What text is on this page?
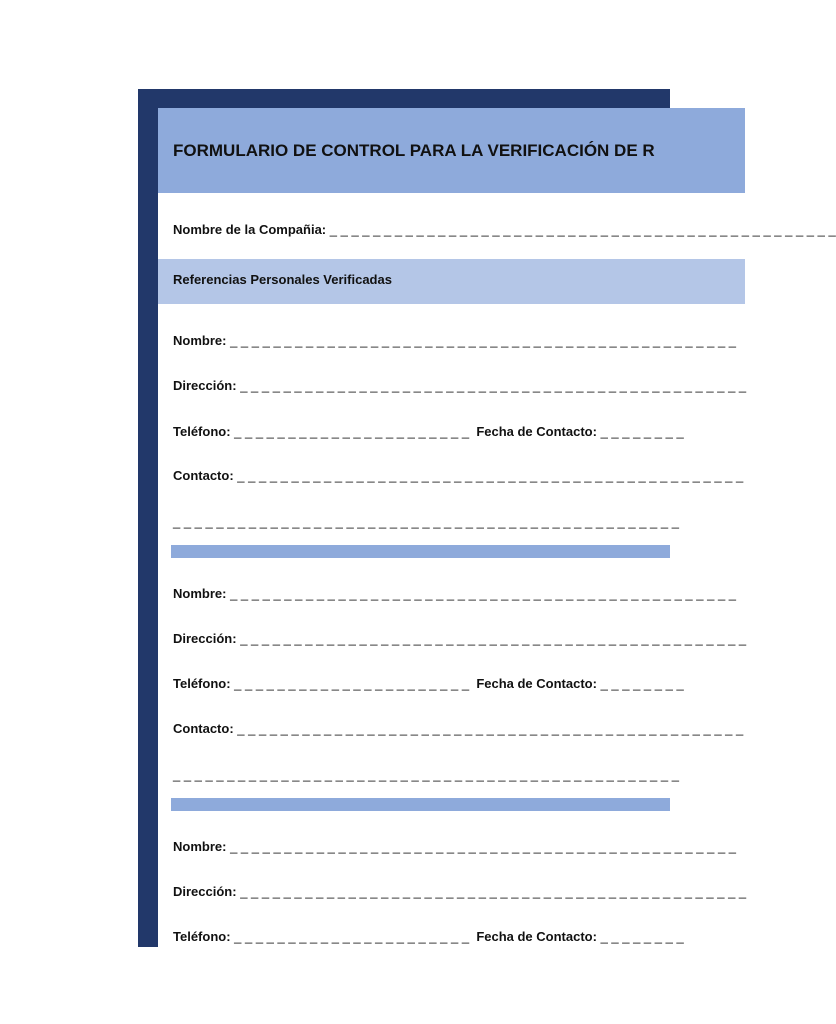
FORMULARIO DE CONTROL PARA LA VERIFICACIÓN DE R
Nombre de la Compañia: _ _ _ _ _ _ _ _ _ _ _ _ _ _ _ _ _ _ _ _ _ _ _ _ _ _ _ _ _ _ _ _ _ _ _ _ _ _ _ _ _ _ _ _ _ _ _
Referencias Personales Verificadas
Nombre: _ _ _ _ _ _ _ _ _ _ _ _ _ _ _ _ _ _ _ _ _ _ _ _ _ _ _ _ _ _ _ _ _ _ _ _ _ _ _ _ _ _ _ _ _ _ _
Dirección: _ _ _ _ _ _ _ _ _ _ _ _ _ _ _ _ _ _ _ _ _ _ _ _ _ _ _ _ _ _ _ _ _ _ _ _ _ _ _ _ _ _ _ _ _ _ _
Teléfono: _ _ _ _ _ _ _ _ _ _ _ _ _ _ _ _ _ _ _ _ _ _ Fecha de Contacto: _ _ _ _ _ _ _ _
Contacto: _ _ _ _ _ _ _ _ _ _ _ _ _ _ _ _ _ _ _ _ _ _ _ _ _ _ _ _ _ _ _ _ _ _ _ _ _ _ _ _ _ _ _ _ _ _ _
_ _ _ _ _ _ _ _ _ _ _ _ _ _ _ _ _ _ _ _ _ _ _ _ _ _ _ _ _ _ _ _ _ _ _ _ _ _ _ _ _ _ _ _ _ _ _
Nombre: _ _ _ _ _ _ _ _ _ _ _ _ _ _ _ _ _ _ _ _ _ _ _ _ _ _ _ _ _ _ _ _ _ _ _ _ _ _ _ _ _ _ _ _ _ _ _
Dirección: _ _ _ _ _ _ _ _ _ _ _ _ _ _ _ _ _ _ _ _ _ _ _ _ _ _ _ _ _ _ _ _ _ _ _ _ _ _ _ _ _ _ _ _ _ _ _
Teléfono: _ _ _ _ _ _ _ _ _ _ _ _ _ _ _ _ _ _ _ _ _ _ Fecha de Contacto: _ _ _ _ _ _ _ _
Contacto: _ _ _ _ _ _ _ _ _ _ _ _ _ _ _ _ _ _ _ _ _ _ _ _ _ _ _ _ _ _ _ _ _ _ _ _ _ _ _ _ _ _ _ _ _ _ _
_ _ _ _ _ _ _ _ _ _ _ _ _ _ _ _ _ _ _ _ _ _ _ _ _ _ _ _ _ _ _ _ _ _ _ _ _ _ _ _ _ _ _ _ _ _ _
Nombre: _ _ _ _ _ _ _ _ _ _ _ _ _ _ _ _ _ _ _ _ _ _ _ _ _ _ _ _ _ _ _ _ _ _ _ _ _ _ _ _ _ _ _ _ _ _ _
Dirección: _ _ _ _ _ _ _ _ _ _ _ _ _ _ _ _ _ _ _ _ _ _ _ _ _ _ _ _ _ _ _ _ _ _ _ _ _ _ _ _ _ _ _ _ _ _ _
Teléfono: _ _ _ _ _ _ _ _ _ _ _ _ _ _ _ _ _ _ _ _ _ _ Fecha de Contacto: _ _ _ _ _ _ _ _
